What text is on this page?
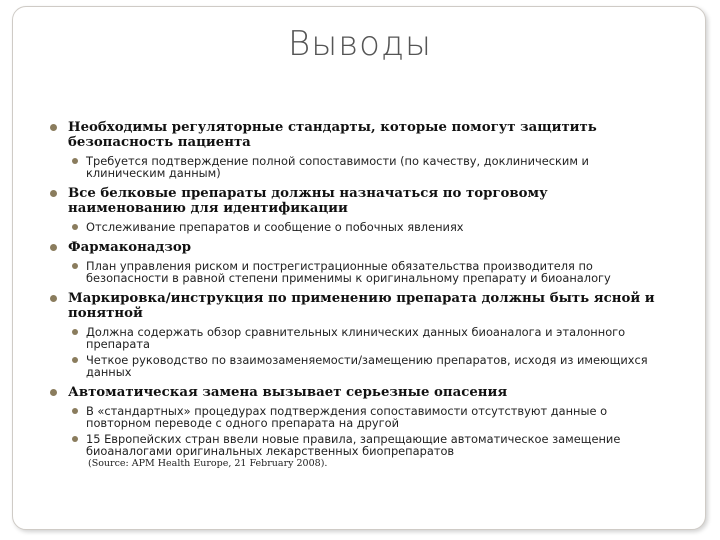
Выводы
Необходимы регуляторные стандарты, которые помогут защитить безопасность пациента
Требуется подтверждение полной сопоставимости (по качеству, доклиническим и клиническим данным)
Все белковые препараты должны назначаться по торговому наименованию для идентификации
Отслеживание препаратов и сообщение о побочных явлениях
Фармаконадзор
План управления риском и пострегистрационные обязательства производителя по безопасности в равной степени применимы к оригинальному препарату и биоаналогу
Маркировка/инструкция по применению препарата должны быть ясной и понятной
Должна содержать обзор сравнительных клинических данных биоаналога и эталонного препарата
Четкое руководство по взаимозаменяемости/замещению препаратов, исходя из имеющихся данных
Автоматическая замена вызывает серьезные опасения
В «стандартных» процедурах подтверждения сопоставимости отсутствуют данные о повторном переводе с одного препарата на другой
15 Европейских стран ввели новые правила, запрещающие автоматическое замещение биоаналогами оригинальных лекарственных биопрепаратов
(Source: APM Health Europe, 21 February 2008).
